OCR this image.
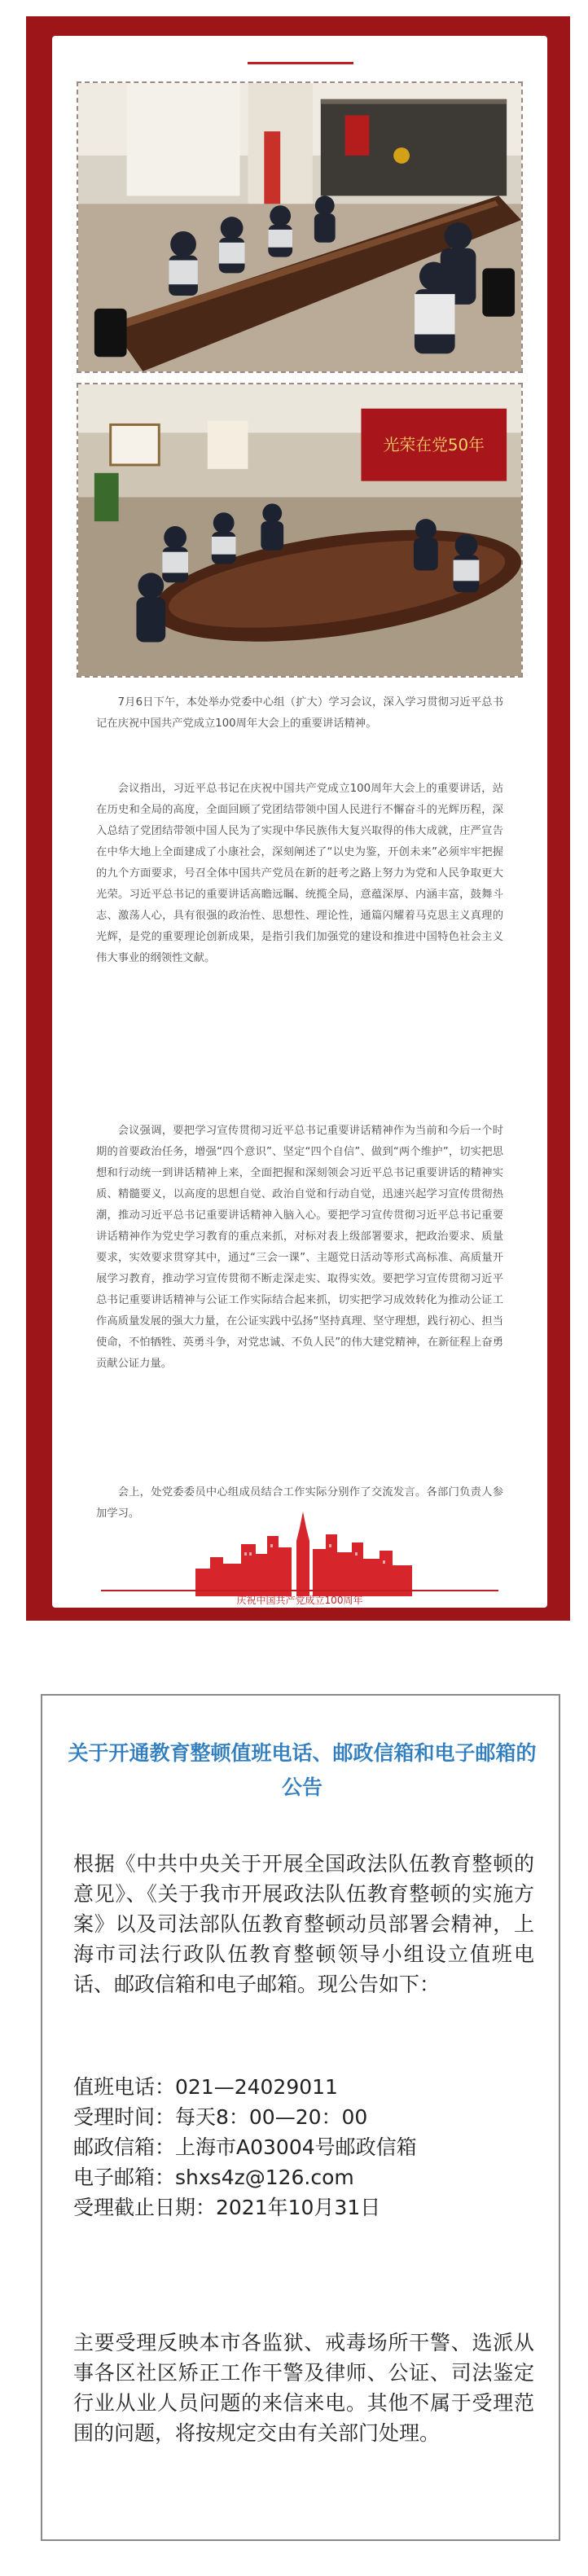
光荣在党50年

7月6日下午，本处举办党委中心组（扩大）学习会议，深入学习贯彻习近平总书记在庆祝中国共产党成立100周年大会上的重要讲话精神。

会议指出，习近平总书记在庆祝中国共产党成立100周年大会上的重要讲话，站在历史和全局的高度，全面回顾了党团结带领中国人民进行不懈奋斗的光辉历程，深入总结了党团结带领中国人民为了实现中华民族伟大复兴取得的伟大成就，庄严宣告在中华大地上全面建成了小康社会，深刻阐述了“以史为鉴，开创未来”必须牢牢把握的九个方面要求，号召全体中国共产党员在新的赶考之路上努力为党和人民争取更大光荣。习近平总书记的重要讲话高瞻远瞩、统揽全局，意蕴深厚、内涵丰富，鼓舞斗志、激荡人心，具有很强的政治性、思想性、理论性，通篇闪耀着马克思主义真理的光辉，是党的重要理论创新成果，是指引我们加强党的建设和推进中国特色社会主义伟大事业的纲领性文献。

会议强调，要把学习宣传贯彻习近平总书记重要讲话精神作为当前和今后一个时期的首要政治任务，增强“四个意识”、坚定“四个自信”、做到“两个维护”，切实把思想和行动统一到讲话精神上来，全面把握和深刻领会习近平总书记重要讲话的精神实质、精髓要义，以高度的思想自觉、政治自觉和行动自觉，迅速兴起学习宣传贯彻热潮，推动习近平总书记重要讲话精神入脑入心。要把学习宣传贯彻习近平总书记重要讲话精神作为党史学习教育的重点来抓，对标对表上级部署要求，把政治要求、质量要求，实效要求贯穿其中，通过“三会一课”、主题党日活动等形式高标准、高质量开展学习教育，推动学习宣传贯彻不断走深走实、取得实效。要把学习宣传贯彻习近平总书记重要讲话精神与公证工作实际结合起来抓，切实把学习成效转化为推动公证工作高质量发展的强大力量，在公证实践中弘扬“坚持真理、坚守理想，践行初心、担当使命，不怕牺牲、英勇斗争，对党忠诚、不负人民”的伟大建党精神，在新征程上奋勇贡献公证力量。

会上，处党委委员中心组成员结合工作实际分别作了交流发言。各部门负责人参加学习。

庆祝中国共产党成立100周年
关于开通教育整顿值班电话、邮政信箱和电子邮箱的公告

根据《中共中央关于开展全国政法队伍教育整顿的意见》、《关于我市开展政法队伍教育整顿的实施方案》以及司法部队伍教育整顿动员部署会精神，上海市司法行政队伍教育整顿领导小组设立值班电话、邮政信箱和电子邮箱。现公告如下：

值班电话：021—24029011
受理时间：每天8：00—20：00
邮政信箱：上海市A03004号邮政信箱
电子邮箱：shxs4z@126.com
受理截止日期：2021年10月31日

主要受理反映本市各监狱、戒毒场所干警、选派从事各区社区矫正工作干警及律师、公证、司法鉴定行业从业人员问题的来信来电。其他不属于受理范围的问题，将按规定交由有关部门处理。
